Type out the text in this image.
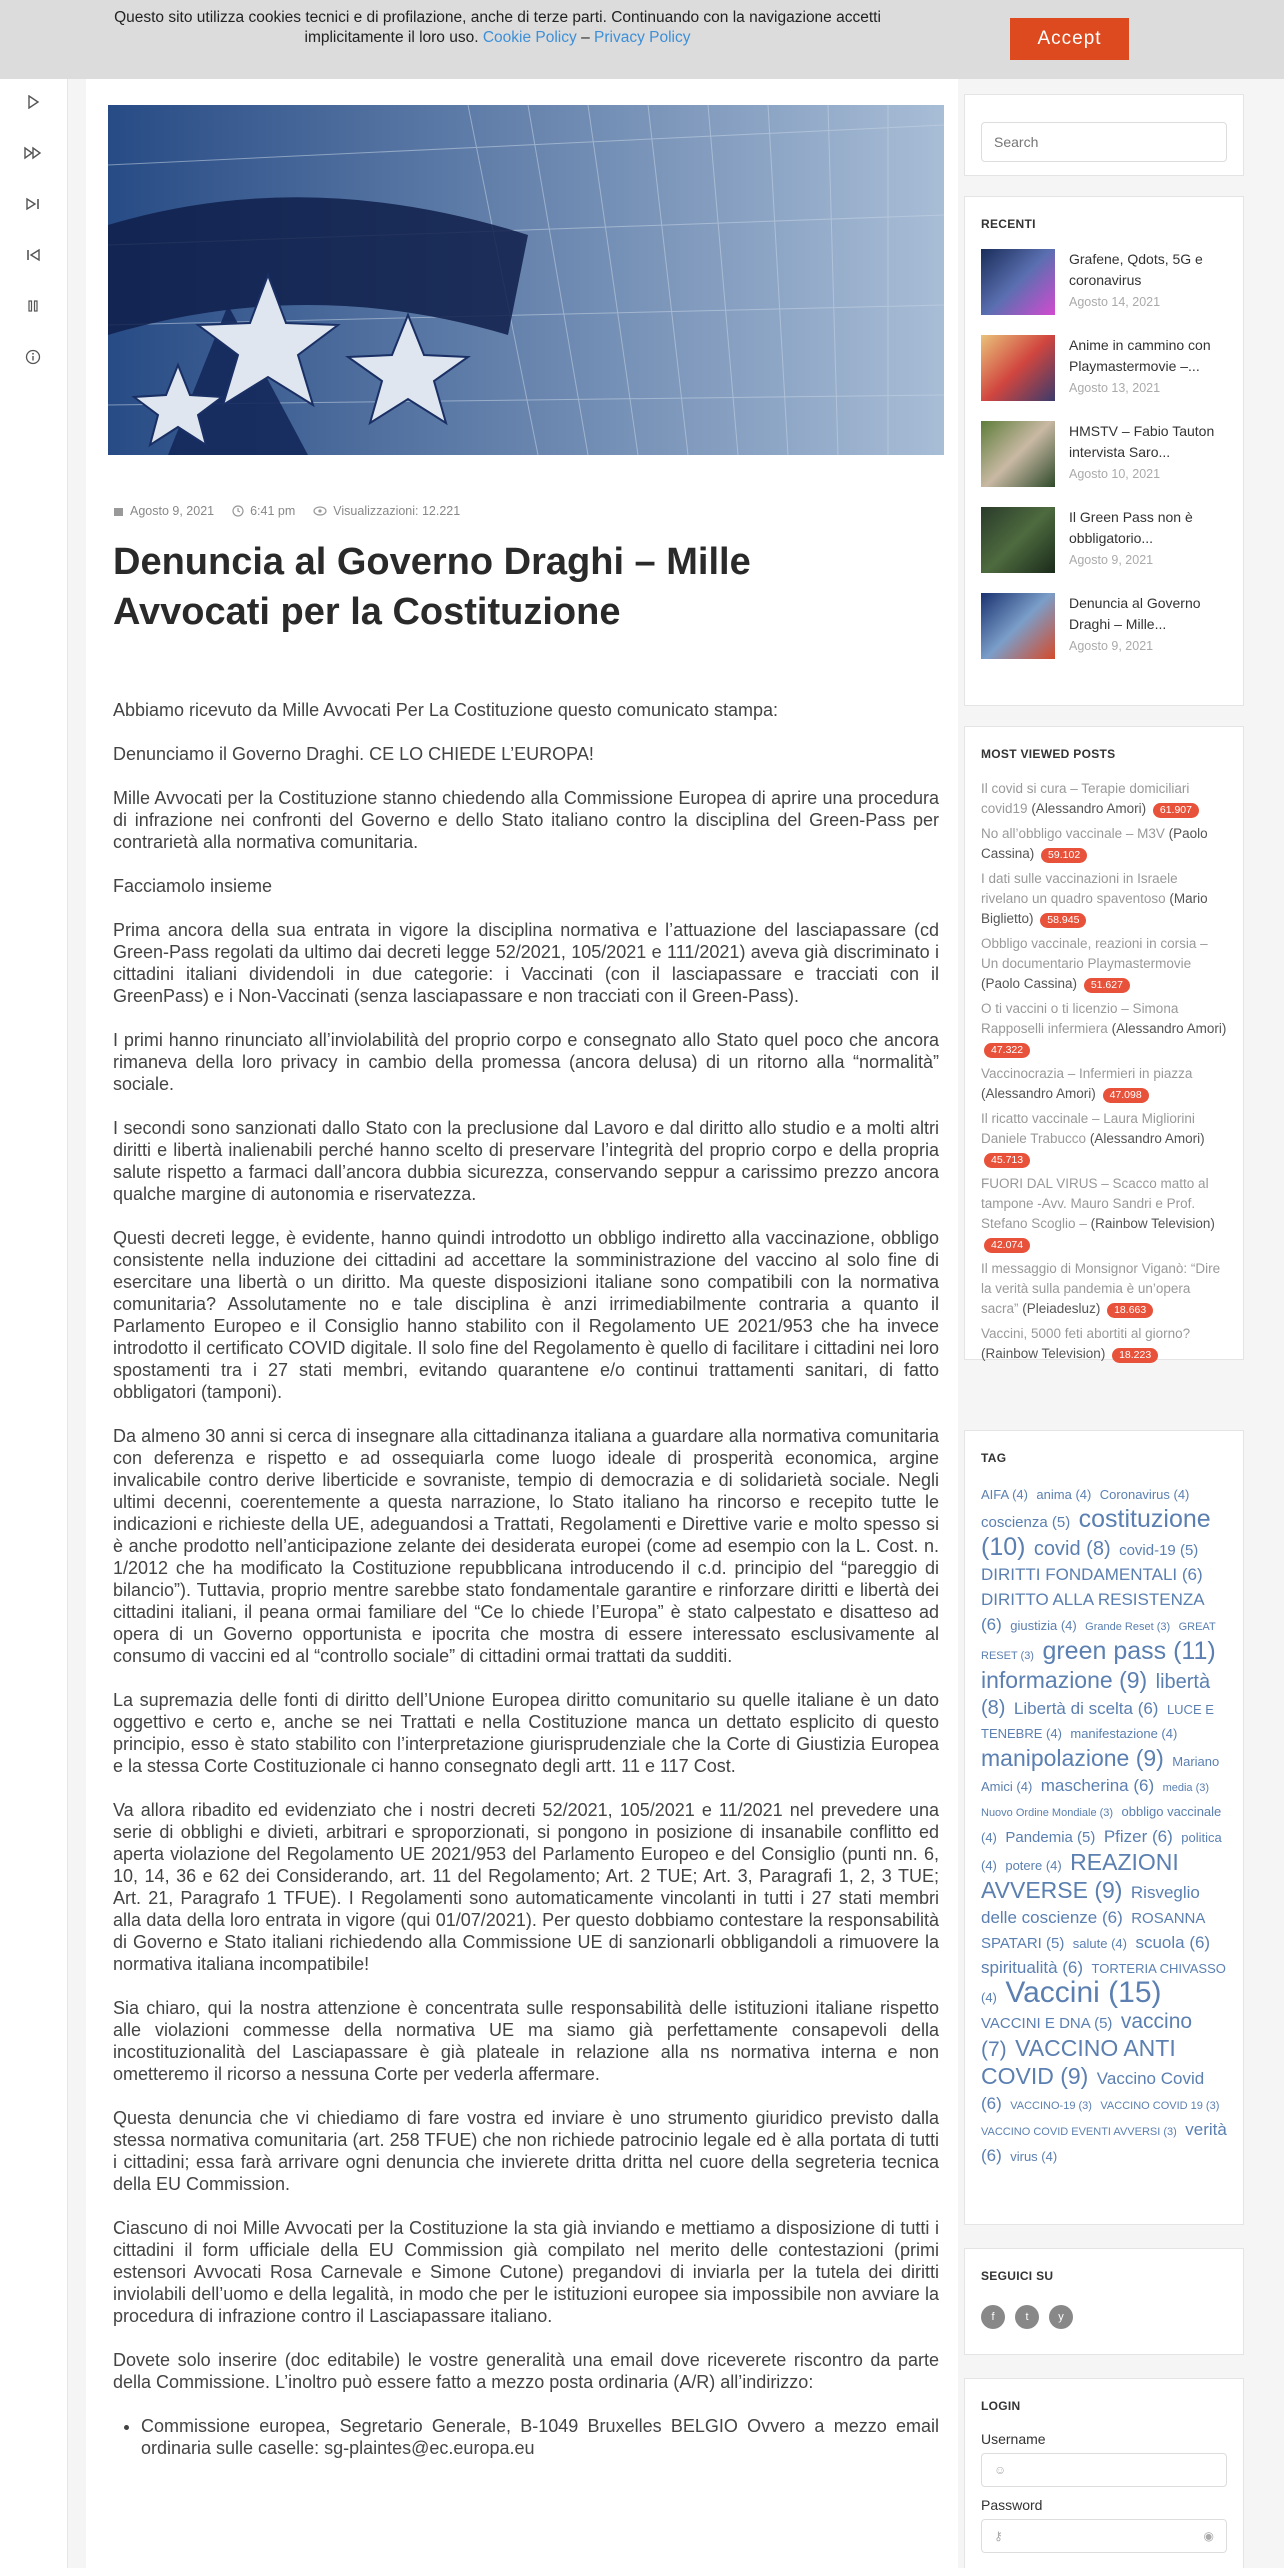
Questo sito utilizza cookies tecnici e di profilazione, anche di terze parti. Continuando con la navigazione accetti implicitamente il loro uso. Cookie Policy – Privacy Policy	Accept
Agosto 9, 2021	6:41 pm	Visualizzazioni: 12.221
Denuncia al Governo Draghi – Mille Avvocati per la Costituzione

Abbiamo ricevuto da Mille Avvocati Per La Costituzione questo comunicato stampa:

Denunciamo il Governo Draghi. CE LO CHIEDE L’EUROPA!

Mille Avvocati per la Costituzione stanno chiedendo alla Commissione Europea di aprire una procedura di infrazione nei confronti del Governo e dello Stato italiano contro la disciplina del Green-Pass per contrarietà alla normativa comunitaria.

Facciamolo insieme

Prima ancora della sua entrata in vigore la disciplina normativa e l’attuazione del lasciapassare (cd Green-Pass regolati da ultimo dai decreti legge 52/2021, 105/2021 e 111/2021) aveva già discriminato i cittadini italiani dividendoli in due categorie: i Vaccinati (con il lasciapassare e tracciati con il GreenPass) e i Non-Vaccinati (senza lasciapassare e non tracciati con il Green-Pass).

I primi hanno rinunciato all’inviolabilità del proprio corpo e consegnato allo Stato quel poco che ancora rimaneva della loro privacy in cambio della promessa (ancora delusa) di un ritorno alla “normalità” sociale.

I secondi sono sanzionati dallo Stato con la preclusione dal Lavoro e dal diritto allo studio e a molti altri diritti e libertà inalienabili perché hanno scelto di preservare l’integrità del proprio corpo e della propria salute rispetto a farmaci dall’ancora dubbia sicurezza, conservando seppur a carissimo prezzo ancora qualche margine di autonomia e riservatezza.

Questi decreti legge, è evidente, hanno quindi introdotto un obbligo indiretto alla vaccinazione, obbligo consistente nella induzione dei cittadini ad accettare la somministrazione del vaccino al solo fine di esercitare una libertà o un diritto. Ma queste disposizioni italiane sono compatibili con la normativa comunitaria? Assolutamente no e tale disciplina è anzi irrimediabilmente contraria a quanto il Parlamento Europeo e il Consiglio hanno stabilito con il Regolamento UE 2021/953 che ha invece introdotto il certificato COVID digitale. Il solo fine del Regolamento è quello di facilitare i cittadini nei loro spostamenti tra i 27 stati membri, evitando quarantene e/o continui trattamenti sanitari, di fatto obbligatori (tamponi).

Da almeno 30 anni si cerca di insegnare alla cittadinanza italiana a guardare alla normativa comunitaria con deferenza e rispetto e ad ossequiarla come luogo ideale di prosperità economica, argine invalicabile contro derive liberticide e sovraniste, tempio di democrazia e di solidarietà sociale. Negli ultimi decenni, coerentemente a questa narrazione, lo Stato italiano ha rincorso e recepito tutte le indicazioni e richieste della UE, adeguandosi a Trattati, Regolamenti e Direttive varie e molto spesso si è anche prodotto nell’anticipazione zelante dei desiderata europei (come ad esempio con la L. Cost. n. 1/2012 che ha modificato la Costituzione repubblicana introducendo il c.d. principio del “pareggio di bilancio”). Tuttavia, proprio mentre sarebbe stato fondamentale garantire e rinforzare diritti e libertà dei cittadini italiani, il peana ormai familiare del “Ce lo chiede l’Europa” è stato calpestato e disatteso ad opera di un Governo opportunista e ipocrita che mostra di essere interessato esclusivamente al consumo di vaccini ed al “controllo sociale” di cittadini ormai trattati da sudditi.

La supremazia delle fonti di diritto dell’Unione Europea diritto comunitario su quelle italiane è un dato oggettivo e certo e, anche se nei Trattati e nella Costituzione manca un dettato esplicito di questo principio, esso è stato stabilito con l’interpretazione giurisprudenziale che la Corte di Giustizia Europea e la stessa Corte Costituzionale ci hanno consegnato degli artt. 11 e 117 Cost.

Va allora ribadito ed evidenziato che i nostri decreti 52/2021, 105/2021 e 11/2021 nel prevedere una serie di obblighi e divieti, arbitrari e sproporzionati, si pongono in posizione di insanabile conflitto ed aperta violazione del Regolamento UE 2021/953 del Parlamento Europeo e del Consiglio (punti nn. 6, 10, 14, 36 e 62 dei Considerando, art. 11 del Regolamento; Art. 2 TUE; Art. 3, Paragrafi 1, 2, 3 TUE; Art. 21, Paragrafo 1 TFUE). I Regolamenti sono automaticamente vincolanti in tutti i 27 stati membri alla data della loro entrata in vigore (qui 01/07/2021). Per questo dobbiamo contestare la responsabilità di Governo e Stato italiani richiedendo alla Commissione UE di sanzionarli obbligandoli a rimuovere la normativa italiana incompatibile!

Sia chiaro, qui la nostra attenzione è concentrata sulle responsabilità delle istituzioni italiane rispetto alle violazioni commesse della normativa UE ma siamo già perfettamente consapevoli della incostituzionalità del Lasciapassare è già plateale in relazione alla ns normativa interna e non ometteremo il ricorso a nessuna Corte per vederla affermare.

Questa denuncia che vi chiediamo di fare vostra ed inviare è uno strumento giuridico previsto dalla stessa normativa comunitaria (art. 258 TFUE) che non richiede patrocinio legale ed è alla portata di tutti i cittadini; essa farà arrivare ogni denuncia che invierete dritta dritta nel cuore della segreteria tecnica della EU Commission.

Ciascuno di noi Mille Avvocati per la Costituzione la sta già inviando e mettiamo a disposizione di tutti i cittadini il form ufficiale della EU Commission già compilato nel merito delle contestazioni (primi estensori Avvocati Rosa Carnevale e Simone Cutone) pregandovi di inviarla per la tutela dei diritti inviolabili dell’uomo e della legalità, in modo che per le istituzioni europee sia impossibile non avviare la procedura di infrazione contro il Lasciapassare italiano.

Dovete solo inserire (doc editabile) le vostre generalità una email dove riceverete riscontro da parte della Commissione. L’inoltro può essere fatto a mezzo posta ordinaria (A/R) all’indirizzo:

• Commissione europea, Segretario Generale, B-1049 Bruxelles BELGIO Ovvero a mezzo email ordinaria sulle caselle: sg-plaintes@ec.europa.eu
Search
RECENTI
Grafene, Qdots, 5G e coronavirus
Agosto 14, 2021
Anime in cammino con Playmastermovie –...
Agosto 13, 2021
HMSTV – Fabio Tauton intervista Saro...
Agosto 10, 2021
Il Green Pass non è obbligatorio...
Agosto 9, 2021
Denuncia al Governo Draghi – Mille...
Agosto 9, 2021
MOST VIEWED POSTS
Il covid si cura – Terapie domiciliari covid19 (Alessandro Amori) 61.907
No all’obbligo vaccinale – M3V (Paolo Cassina) 59.102
I dati sulle vaccinazioni in Israele rivelano un quadro spaventoso (Mario Biglietto) 58.945
Obbligo vaccinale, reazioni in corsia – Un documentario Playmastermovie (Paolo Cassina) 51.627
O ti vaccini o ti licenzio – Simona Rapposelli infermiera (Alessandro Amori) 47.322
Vaccinocrazia – Infermieri in piazza (Alessandro Amori) 47.098
Il ricatto vaccinale – Laura Migliorini Daniele Trabucco (Alessandro Amori) 45.713
FUORI DAL VIRUS – Scacco matto al tampone -Avv. Mauro Sandri e Prof. Stefano Scoglio – (Rainbow Television) 42.074
Il messaggio di Monsignor Viganò: “Dire la verità sulla pandemia è un’opera sacra” (Pleiadesluz) 18.663
Vaccini, 5000 feti abortiti al giorno? (Rainbow Television) 18.223
TAG
AIFA (4) anima (4) Coronavirus (4) coscienza (5) costituzione (10) covid (8) covid-19 (5) DIRITTI FONDAMENTALI (6) DIRITTO ALLA RESISTENZA (6) giustizia (4) Grande Reset (3) GREAT RESET (3) green pass (11) informazione (9) libertà (8) Libertà di scelta (6) LUCE E TENEBRE (4) manifestazione (4) manipolazione (9) Mariano Amici (4) mascherina (6) media (3) Nuovo Ordine Mondiale (3) obbligo vaccinale (4) Pandemia (5) Pfizer (6) politica (4) potere (4) REAZIONI AVVERSE (9) Risveglio delle coscienze (6) ROSANNA SPATARI (5) salute (4) scuola (6) spiritualità (6) TORTERIA CHIVASSO (4) Vaccini (15) VACCINI E DNA (5) vaccino (7) VACCINO ANTI COVID (9) Vaccino Covid (6) VACCINO-19 (3) VACCINO COVID 19 (3) VACCINO COVID EVENTI AVVERSI (3) verità (6) virus (4)
SEGUICI SU
f	t	y
LOGIN
Username
☺
Password
⚷	◉
